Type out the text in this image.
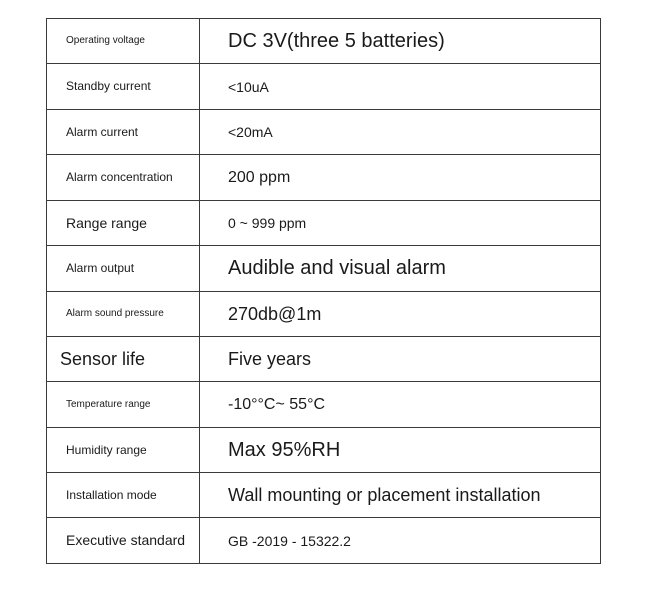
Operating voltage	DC 3V(three 5 batteries)
Standby current	<10uA
Alarm current	<20mA
Alarm concentration	200 ppm
Range range	0 ~ 999 ppm
Alarm output	Audible and visual alarm
Alarm sound pressure	270db@1m
Sensor life	Five years
Temperature range	-10°°C~ 55°C
Humidity range	Max 95%RH
Installation mode	Wall mounting or placement installation
Executive standard	GB -2019 - 15322.2
